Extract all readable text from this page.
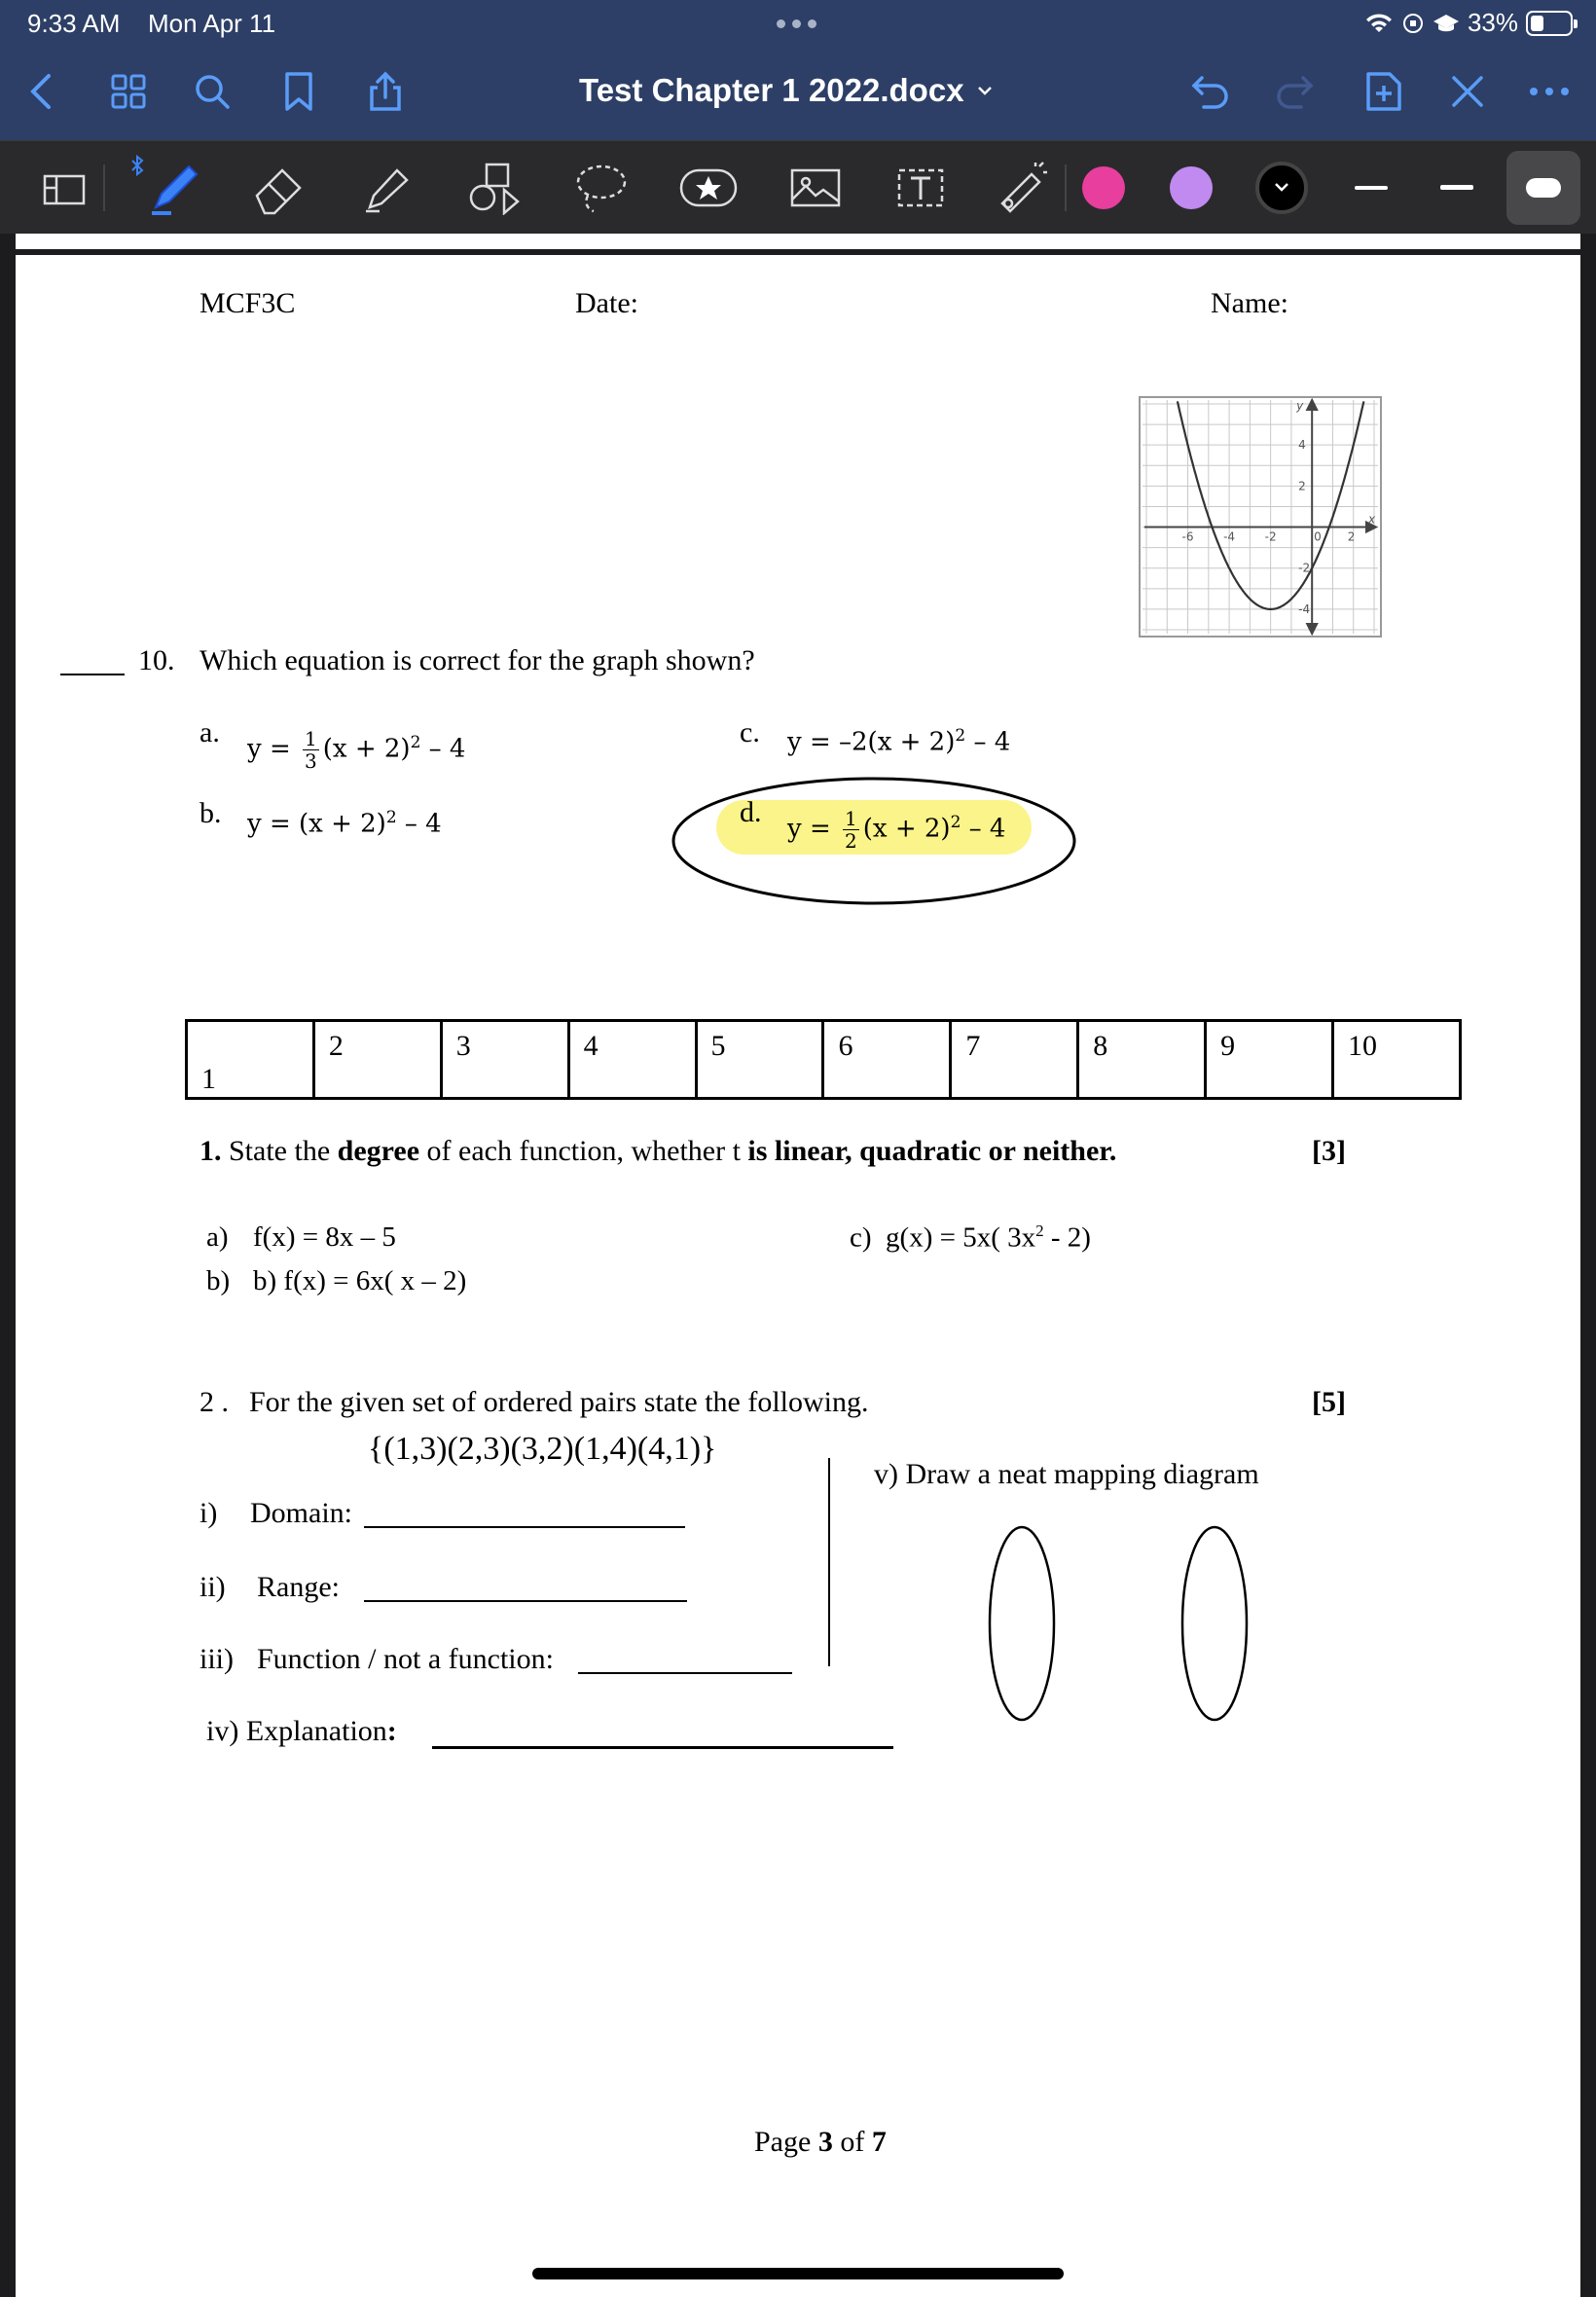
9:33 AM Mon Apr 11	33%
Test Chapter 1 2022.docx
MCF3C	Date:	Name:
-6	-4	-2	0 2
4
2
-2
-4
x
y
10. Which equation is correct for the graph shown?
a.
$y = \frac{1}{3} (x + 2)^2 - 4$
b. $y = (x + 2)^2 - 4$
c. $y = -2(x + 2)^2 - 4$
d.
$y = \frac{1}{2} (x + 2)^2 - 4$
1
	2	3	4	5	6	7	8	9	10
1. State the degree of each function, whether t is linear, quadratic or neither.	[3]
a) f(x) = 8x – 5
b) b) f(x) = 6x( x – 2)
c) g(x) = 5x( $3x^2 - 2$)
2 . For the given set of ordered pairs state the following.	[5]
{(1,3)(2,3)(3,2)(1,4)(4,1)}
i) Domain:
ii) Range:
iii) Function / not a function:
iv) Explanation:
v) Draw a neat mapping diagram
Page 3 of 7
